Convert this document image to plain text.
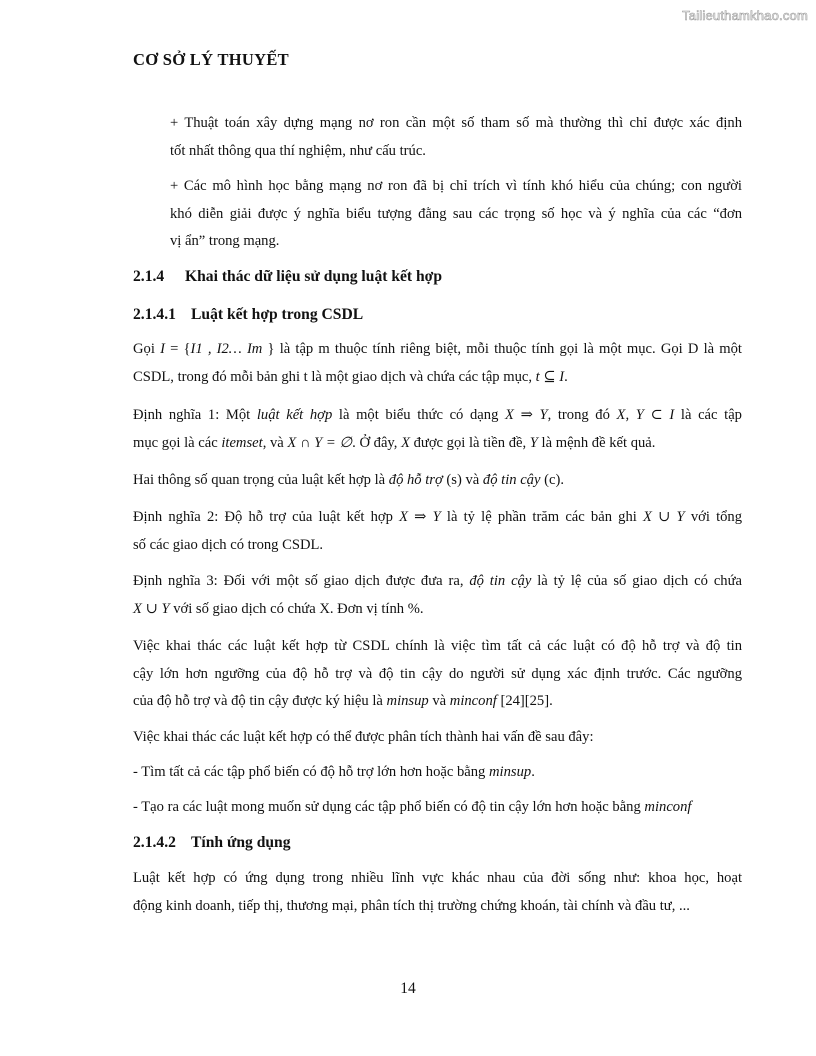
Tailieuthamkhao.com
CƠ SỞ LÝ THUYẾT
+ Thuật toán xây dựng mạng nơ ron cần một số tham số mà thường thì chỉ được xác định
tốt nhất thông qua thí nghiệm, như cấu trúc.
+ Các mô hình học bằng mạng nơ ron đã bị chỉ trích vì tính khó hiểu của chúng; con người
khó diễn giải được ý nghĩa biểu tượng đằng sau các trọng số học và ý nghĩa của các “đơn
vị ẩn” trong mạng.
2.1.4 Khai thác dữ liệu sử dụng luật kết hợp
2.1.4.1 Luật kết hợp trong CSDL
Gọi I = {I1 , I2… Im } là tập m thuộc tính riêng biệt, mỗi thuộc tính gọi là một mục. Gọi D là một
CSDL, trong đó mỗi bản ghi t là một giao dịch và chứa các tập mục, t ⊆ I.
Định nghĩa 1: Một luật kết hợp là một biểu thức có dạng X ⇒ Y, trong đó X, Y ⊂ I là các tập
mục gọi là các itemset, và X ∩ Y = ∅. Ở đây, X được gọi là tiền đề, Y là mệnh đề kết quả.
Hai thông số quan trọng của luật kết hợp là độ hỗ trợ (s) và độ tin cậy (c).
Định nghĩa 2: Độ hỗ trợ của luật kết hợp X ⇒ Y là tỷ lệ phần trăm các bản ghi X ∪ Y với tổng
số các giao dịch có trong CSDL.
Định nghĩa 3: Đối với một số giao dịch được đưa ra, độ tin cậy là tỷ lệ của số giao dịch có chứa
X ∪ Y với số giao dịch có chứa X. Đơn vị tính %.
Việc khai thác các luật kết hợp từ CSDL chính là việc tìm tất cả các luật có độ hỗ trợ và độ tin
cậy lớn hơn ngưỡng của độ hỗ trợ và độ tin cậy do người sử dụng xác định trước. Các ngưỡng
của độ hỗ trợ và độ tin cậy được ký hiệu là minsup và minconf [24][25].
Việc khai thác các luật kết hợp có thể được phân tích thành hai vấn đề sau đây:
- Tìm tất cả các tập phổ biến có độ hỗ trợ lớn hơn hoặc bằng minsup.
- Tạo ra các luật mong muốn sử dụng các tập phổ biến có độ tin cậy lớn hơn hoặc bằng minconf
2.1.4.2 Tính ứng dụng
Luật kết hợp có ứng dụng trong nhiều lĩnh vực khác nhau của đời sống như: khoa học, hoạt
động kinh doanh, tiếp thị, thương mại, phân tích thị trường chứng khoán, tài chính và đầu tư, ...
14
